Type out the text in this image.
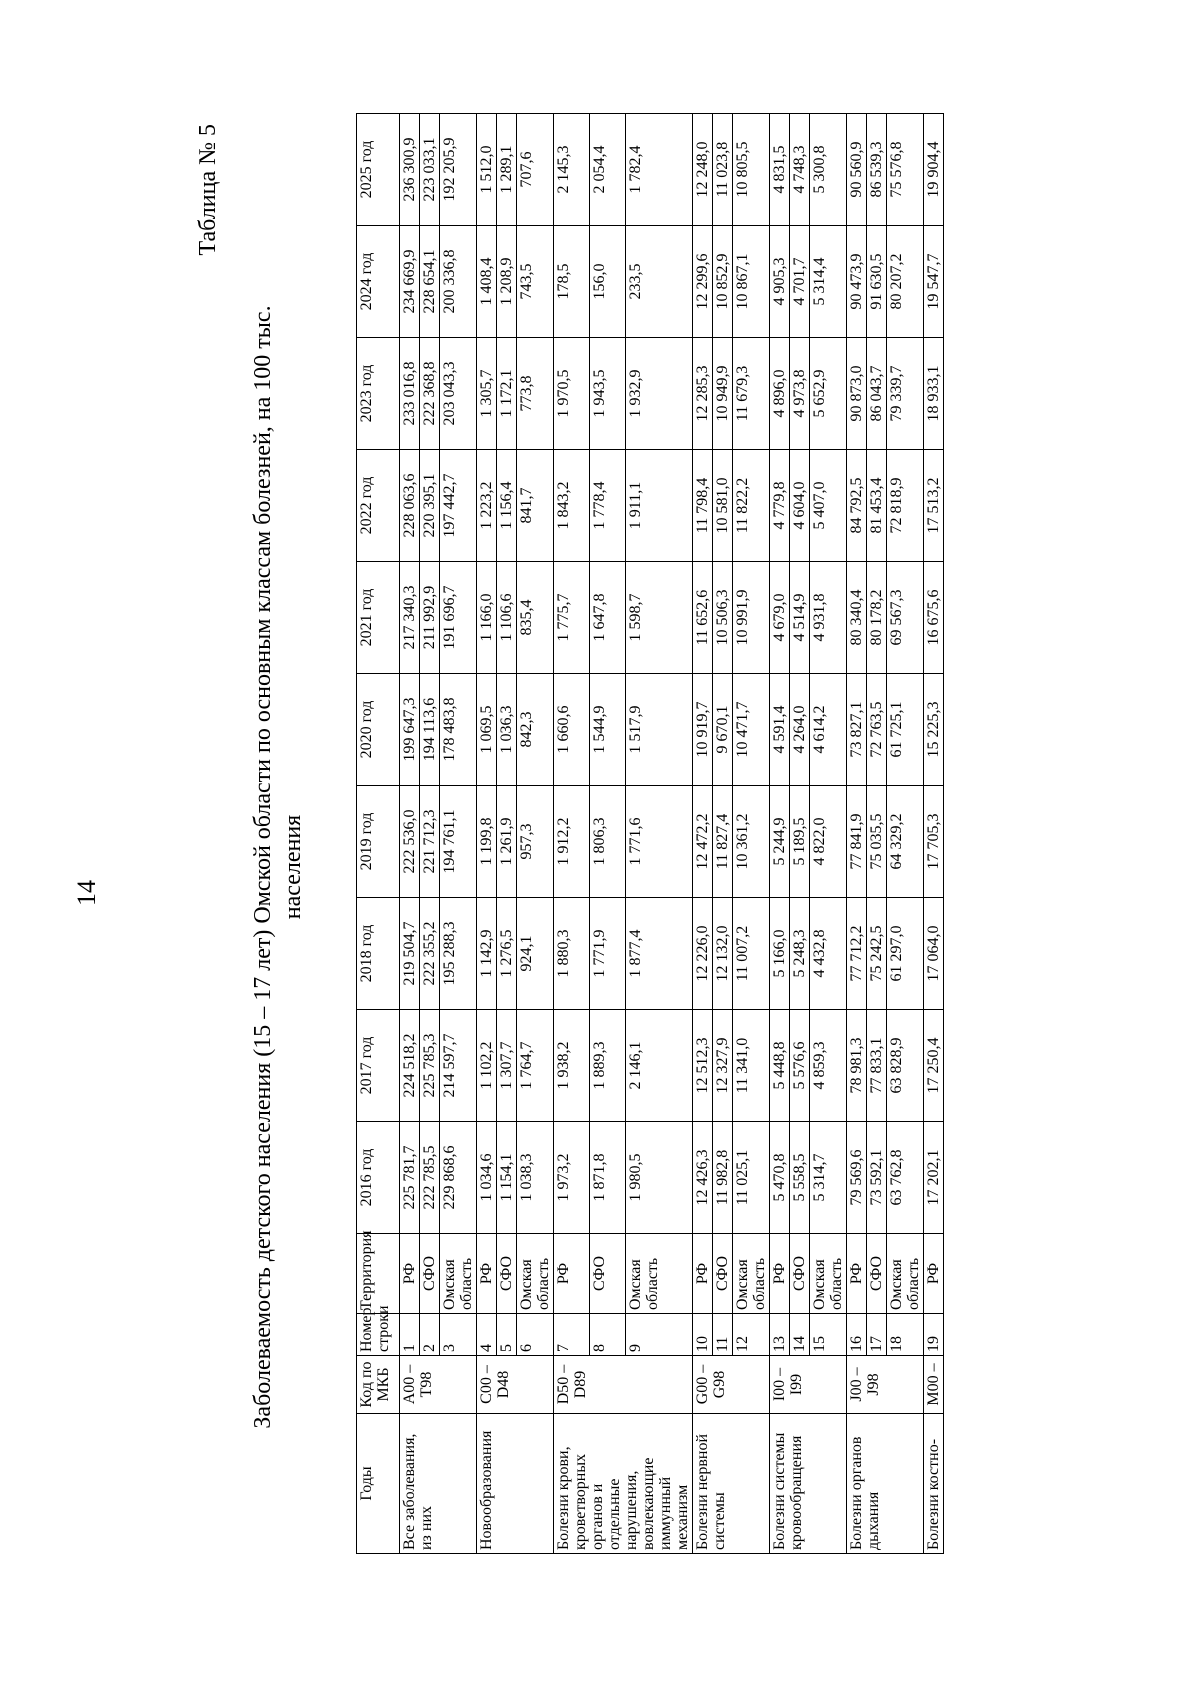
14
Таблица № 5
Заболеваемость детского населения (15 – 17 лет) Омской области по основным классам болезней, на 100 тыс. населения
Годы	Код по МКБ	Номер строки	Территория	2016 год	2017 год	2018 год	2019 год	2020 год	2021 год	2022 год	2023 год	2024 год	2025 год
Все заболевания, из них	A00 – T98	1	РФ	225 781,7	224 518,2	219 504,7	222 536,0	199 647,3	217 340,3	228 063,6	233 016,8	234 669,9	236 300,9
		2	СФО	222 785,5	225 785,3	222 355,2	221 712,3	194 113,6	211 992,9	220 395,1	222 368,8	228 654,1	223 033,1
		3	Омская область	229 868,6	214 597,7	195 288,3	194 761,1	178 483,8	191 696,7	197 442,7	203 043,3	200 336,8	192 205,9
Новообразования	C00 – D48	4	РФ	1 034,6	1 102,2	1 142,9	1 199,8	1 069,5	1 166,0	1 223,2	1 305,7	1 408,4	1 512,0
		5	СФО	1 154,1	1 307,7	1 276,5	1 261,9	1 036,3	1 106,6	1 156,4	1 172,1	1 208,9	1 289,1
		6	Омская область	1 038,3	1 764,7	924,1	957,3	842,3	835,4	841,7	773,8	743,5	707,6
Болезни крови, кроветворных органов и отдельные нарушения, вовлекающие иммунный механизм	D50 – D89	7	РФ	1 973,2	1 938,2	1 880,3	1 912,2	1 660,6	1 775,7	1 843,2	1 970,5	178,5	2 145,3
		8	СФО	1 871,8	1 889,3	1 771,9	1 806,3	1 544,9	1 647,8	1 778,4	1 943,5	156,0	2 054,4
		9	Омская область	1 980,5	2 146,1	1 877,4	1 771,6	1 517,9	1 598,7	1 911,1	1 932,9	233,5	1 782,4
Болезни нервной системы	G00 – G98	10	РФ	12 426,3	12 512,3	12 226,0	12 472,2	10 919,7	11 652,6	11 798,4	12 285,3	12 299,6	12 248,0
		11	СФО	11 982,8	12 327,9	12 132,0	11 827,4	9 670,1	10 506,3	10 581,0	10 949,9	10 852,9	11 023,8
		12	Омская область	11 025,1	11 341,0	11 007,2	10 361,2	10 471,7	10 991,9	11 822,2	11 679,3	10 867,1	10 805,5
Болезни системы кровообращения	I00 – I99	13	РФ	5 470,8	5 448,8	5 166,0	5 244,9	4 591,4	4 679,0	4 779,8	4 896,0	4 905,3	4 831,5
		14	СФО	5 558,5	5 576,6	5 248,3	5 189,5	4 264,0	4 514,9	4 604,0	4 973,8	4 701,7	4 748,3
		15	Омская область	5 314,7	4 859,3	4 432,8	4 822,0	4 614,2	4 931,8	5 407,0	5 652,9	5 314,4	5 300,8
Болезни органов дыхания	J00 – J98	16	РФ	79 569,6	78 981,3	77 712,2	77 841,9	73 827,1	80 340,4	84 792,5	90 873,0	90 473,9	90 560,9
		17	СФО	73 592,1	77 833,1	75 242,5	75 035,5	72 763,5	80 178,2	81 453,4	86 043,7	91 630,5	86 539,3
		18	Омская область	63 762,8	63 828,9	61 297,0	64 329,2	61 725,1	69 567,3	72 818,9	79 339,7	80 207,2	75 576,8
Болезни костно-	M00 –	19	РФ	17 202,1	17 250,4	17 064,0	17 705,3	15 225,3	16 675,6	17 513,2	18 933,1	19 547,7	19 904,4
